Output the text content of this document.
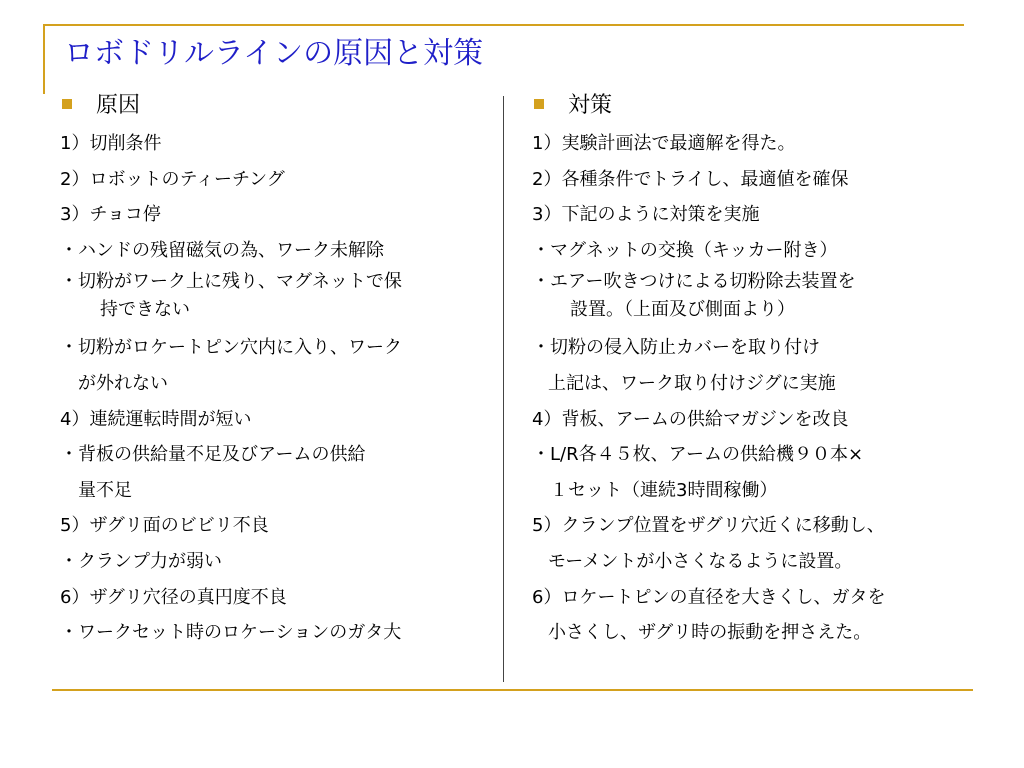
ロボドリルラインの原因と対策
原因
1）切削条件
2）ロボットのティーチング
3）チョコ停
・ハンドの残留磁気の為、ワーク未解除
・切粉がワーク上に残り、マグネットで保
持できない
・切粉がロケートピン穴内に入り、ワーク
が外れない
4）連続運転時間が短い
・背板の供給量不足及びアームの供給
量不足
5）ザグリ面のビビリ不良
・クランプ力が弱い
6）ザグリ穴径の真円度不良
・ワークセット時のロケーションのガタ大
対策
1）実験計画法で最適解を得た。
2）各種条件でトライし、最適値を確保
3）下記のように対策を実施
・マグネットの交換（キッカー附き）
・エアー吹きつけによる切粉除去装置を
設置。（上面及び側面より）
・切粉の侵入防止カバーを取り付け
上記は、ワーク取り付けジグに実施
4）背板、アームの供給マガジンを改良
・L/R各４５枚、アームの供給機９０本×
１セット（連続3時間稼働）
5）クランプ位置をザグリ穴近くに移動し、
モーメントが小さくなるように設置。
6）ロケートピンの直径を大きくし、ガタを
小さくし、ザグリ時の振動を押さえた。
